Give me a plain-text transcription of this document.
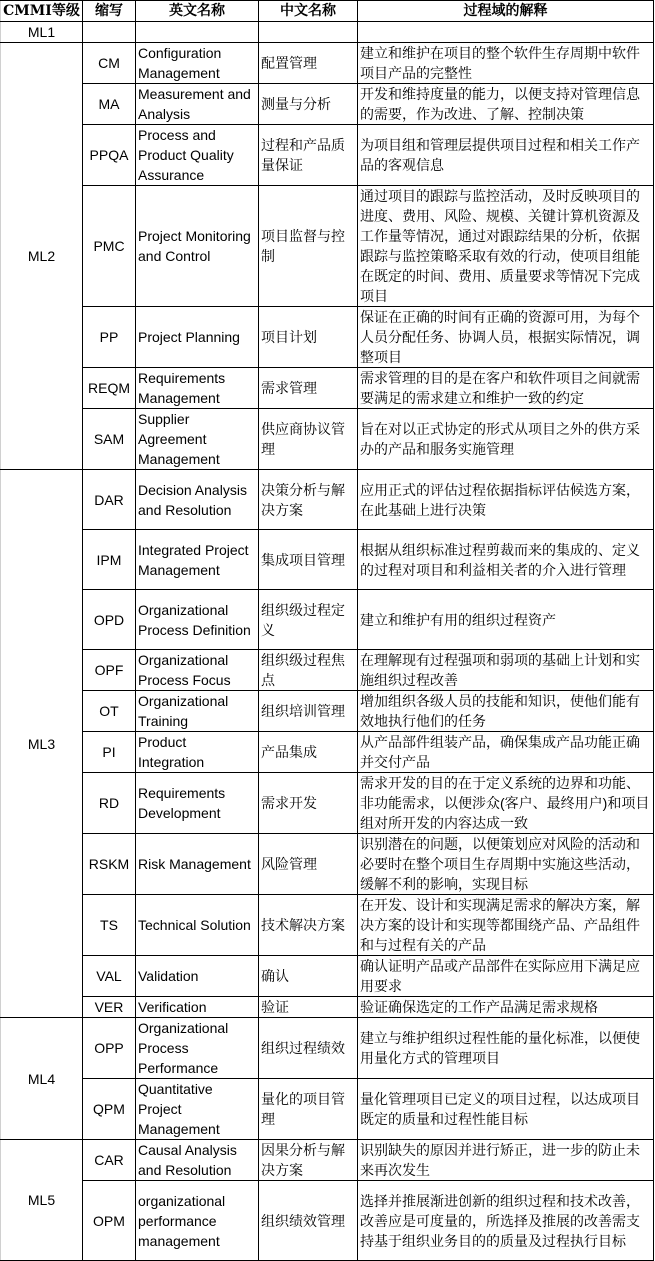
CMMI等级	缩写	英文名称	中文名称	过程域的解释
ML1				
ML2	CM	Configuration Management	配置管理	建立和维护在项目的整个软件生存周期中软件项目产品的完整性
	MA	Measurement and Analysis	测量与分析	开发和维持度量的能力，以便支持对管理信息的需要，作为改进、了解、控制决策
	PPQA	Process and Product Quality Assurance	过程和产品质量保证	为项目组和管理层提供项目过程和相关工作产品的客观信息
	PMC	Project Monitoring and Control	项目监督与控制	通过项目的跟踪与监控活动，及时反映项目的进度、费用、风险、规模、关键计算机资源及工作量等情况，通过对跟踪结果的分析，依据跟踪与监控策略采取有效的行动，使项目组能在既定的时间、费用、质量要求等情况下完成项目
	PP	Project Planning	项目计划	保证在正确的时间有正确的资源可用，为每个人员分配任务、协调人员，根据实际情况，调整项目
	REQM	Requirements Management	需求管理	需求管理的目的是在客户和软件项目之间就需要满足的需求建立和维护一致的约定
	SAM	Supplier Agreement Management	供应商协议管理	旨在对以正式协定的形式从项目之外的供方采办的产品和服务实施管理
ML3	DAR	Decision Analysis and Resolution	决策分析与解决方案	应用正式的评估过程依据指标评估候选方案，在此基础上进行决策
	IPM	Integrated Project Management	集成项目管理	根据从组织标准过程剪裁而来的集成的、定义的过程对项目和利益相关者的介入进行管理
	OPD	Organizational Process Definition	组织级过程定义	建立和维护有用的组织过程资产
	OPF	Organizational Process Focus	组织级过程焦点	在理解现有过程强项和弱项的基础上计划和实施组织过程改善
	OT	Organizational Training	组织培训管理	增加组织各级人员的技能和知识，使他们能有效地执行他们的任务
	PI	Product Integration	产品集成	从产品部件组装产品，确保集成产品功能正确并交付产品
	RD	Requirements Development	需求开发	需求开发的目的在于定义系统的边界和功能、非功能需求，以便涉众(客户、最终用户)和项目组对所开发的内容达成一致
	RSKM	Risk Management	风险管理	识别潜在的问题，以便策划应对风险的活动和必要时在整个项目生存周期中实施这些活动，缓解不利的影响，实现目标
	TS	Technical Solution	技术解决方案	在开发、设计和实现满足需求的解决方案，解决方案的设计和实现等都围绕产品、产品组件和与过程有关的产品
	VAL	Validation	确认	确认证明产品或产品部件在实际应用下满足应用要求
	VER	Verification	验证	验证确保选定的工作产品满足需求规格
ML4	OPP	Organizational Process Performance	组织过程绩效	建立与维护组织过程性能的量化标准，以便使用量化方式的管理项目
	QPM	Quantitative Project Management	量化的项目管理	量化管理项目已定义的项目过程，以达成项目既定的质量和过程性能目标
ML5	CAR	Causal Analysis and Resolution	因果分析与解决方案	识别缺失的原因并进行矫正，进一步的防止未来再次发生
	OPM	organizational performance management	组织绩效管理	选择并推展渐进创新的组织过程和技术改善，改善应是可度量的，所选择及推展的改善需支持基于组织业务目的的质量及过程执行目标
